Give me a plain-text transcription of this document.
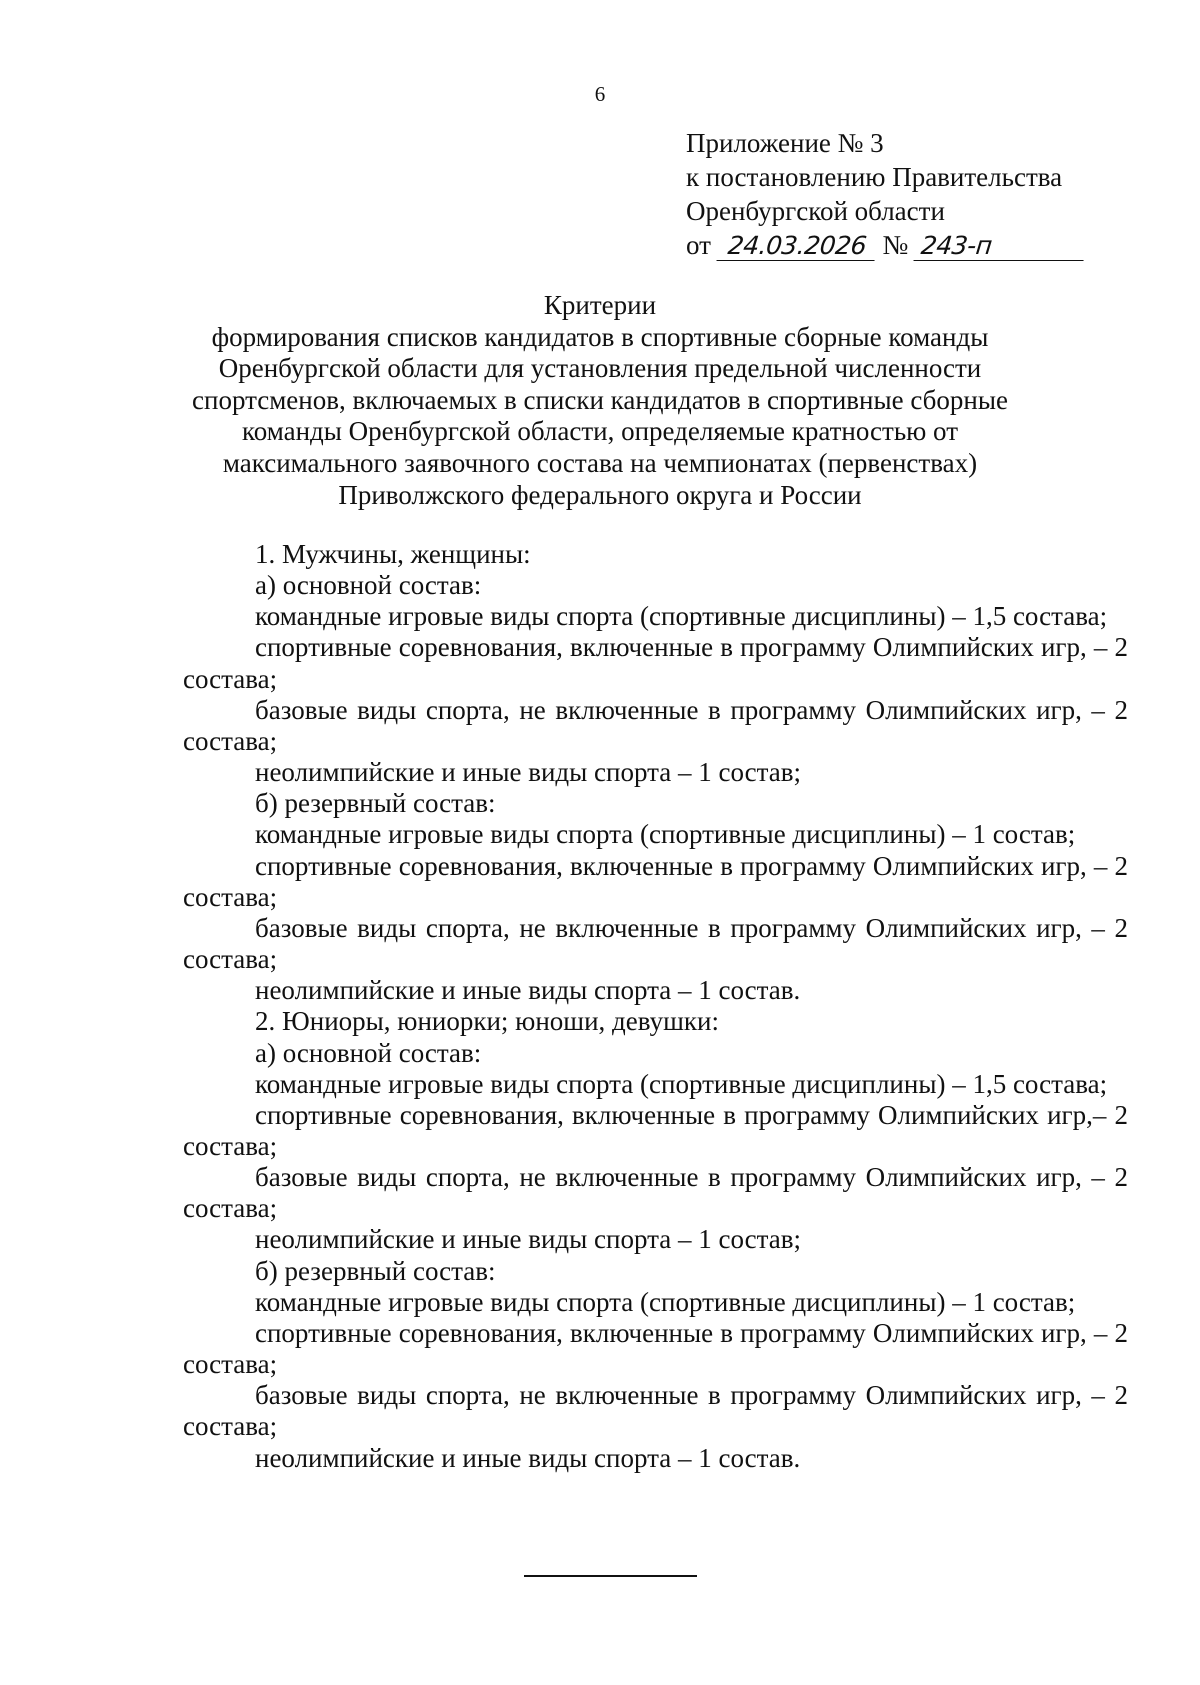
6
Приложение № 3
к постановлению Правительства
Оренбургской области
от 24.03.2026 № 243-п
Критерии
формирования списков кандидатов в спортивные сборные команды
Оренбургской области для установления предельной численности
спортсменов, включаемых в списки кандидатов в спортивные сборные
команды Оренбургской области, определяемые кратностью от
максимального заявочного состава на чемпионатах (первенствах)
Приволжского федерального округа и России

1. Мужчины, женщины:

а) основной состав:

командные игровые виды спорта (спортивные дисциплины) – 1,5 состава;

спортивные соревнования, включенные в программу Олимпийских игр, – 2 состава;

базовые виды спорта, не включенные в программу Олимпийских игр, – 2 состава;

неолимпийские и иные виды спорта – 1 состав;

б) резервный состав:

командные игровые виды спорта (спортивные дисциплины) – 1 состав;

спортивные соревнования, включенные в программу Олимпийских игр, – 2 состава;

базовые виды спорта, не включенные в программу Олимпийских игр, – 2 состава;

неолимпийские и иные виды спорта – 1 состав.

2. Юниоры, юниорки; юноши, девушки:

а) основной состав:

командные игровые виды спорта (спортивные дисциплины) – 1,5 состава;

спортивные соревнования, включенные в программу Олимпийских игр,– 2 состава;

базовые виды спорта, не включенные в программу Олимпийских игр, – 2 состава;

неолимпийские и иные виды спорта – 1 состав;

б) резервный состав:

командные игровые виды спорта (спортивные дисциплины) – 1 состав;

спортивные соревнования, включенные в программу Олимпийских игр, – 2 состава;

базовые виды спорта, не включенные в программу Олимпийских игр, – 2 состава;

неолимпийские и иные виды спорта – 1 состав.
